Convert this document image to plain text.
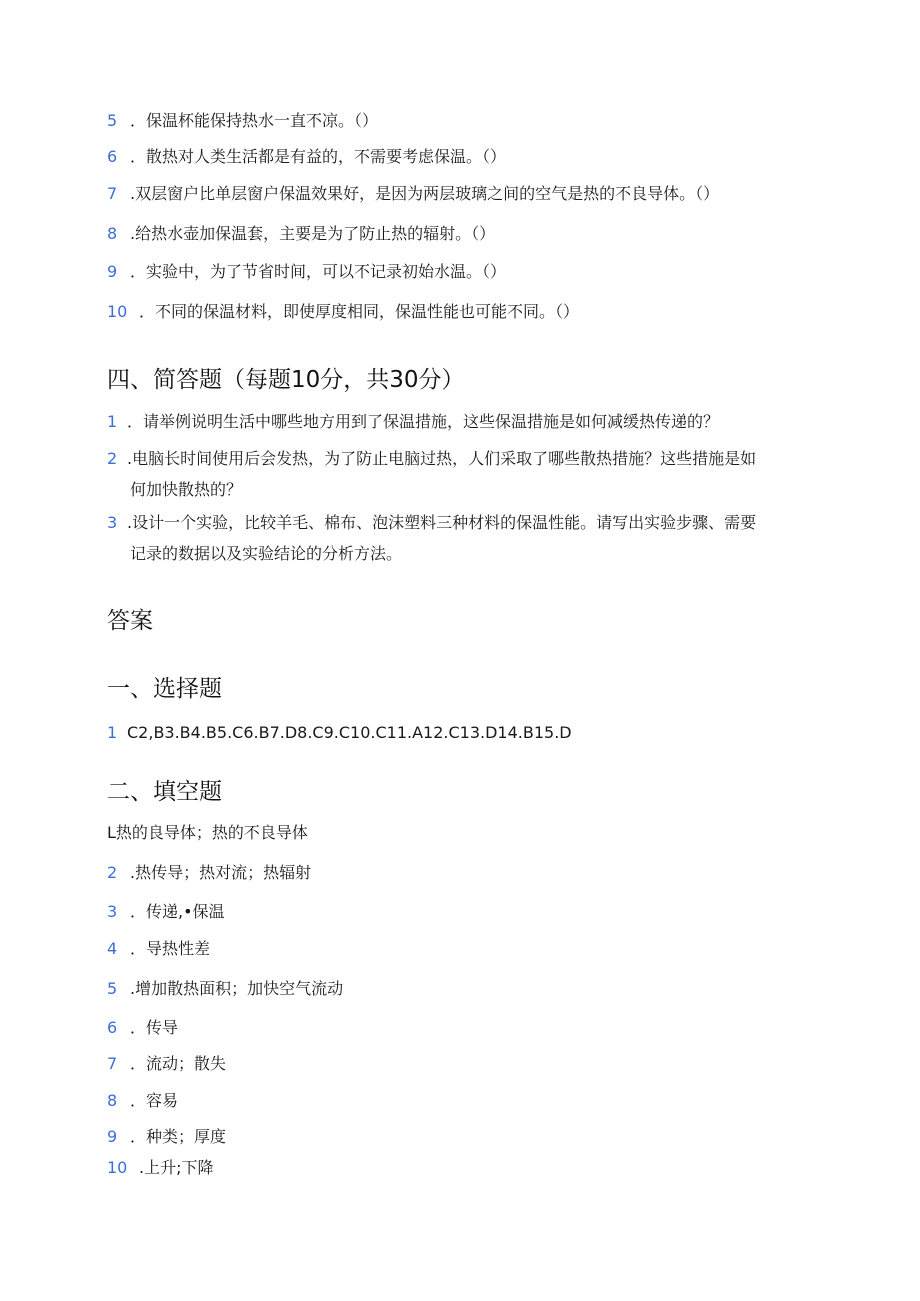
5 ．保温杯能保持热水一直不凉。（）
6 ．散热对人类生活都是有益的，不需要考虑保温。（）
7 .双层窗户比单层窗户保温效果好，是因为两层玻璃之间的空气是热的不良导体。（）
8 .给热水壶加保温套，主要是为了防止热的辐射。（）
9 ．实验中，为了节省时间，可以不记录初始水温。（）
10 ．不同的保温材料，即使厚度相同，保温性能也可能不同。（）
四、简答题（每题10分，共30分）
1 ．请举例说明生活中哪些地方用到了保温措施，这些保温措施是如何减缓热传递的？
2 .电脑长时间使用后会发热，为了防止电脑过热，人们采取了哪些散热措施？这些措施是如
何加快散热的？
3 .设计一个实验，比较羊毛、棉布、泡沫塑料三种材料的保温性能。请写出实验步骤、需要
记录的数据以及实验结论的分析方法。
答案
一、选择题
1 C2,B3.B4.B5.C6.B7.D8.C9.C10.C11.A12.C13.D14.B15.D
二、填空题
L热的良导体；热的不良导体
2 .热传导；热对流；热辐射
3 ．传递,•保温
4 ．导热性差
5 .增加散热面积；加快空气流动
6 ．传导
7 ．流动；散失
8 ．容易
9 ．种类；厚度
10 .上升;下降
